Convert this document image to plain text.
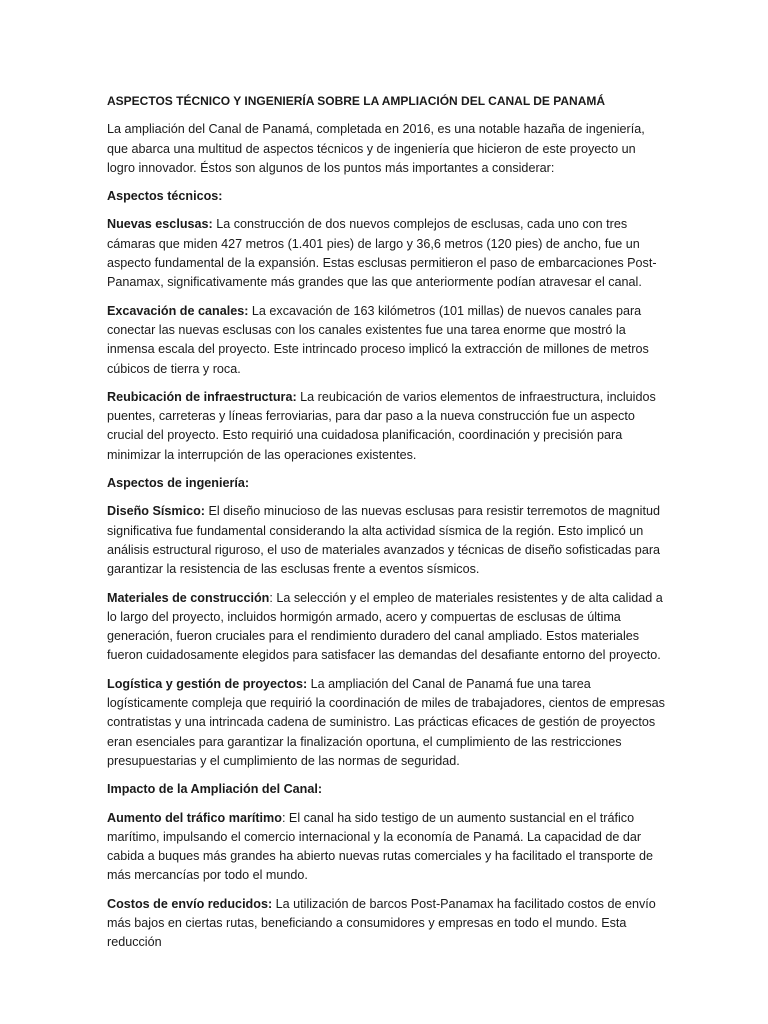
ASPECTOS TÉCNICO Y INGENIERÍA SOBRE LA AMPLIACIÓN DEL CANAL DE PANAMÁ

La ampliación del Canal de Panamá, completada en 2016, es una notable hazaña de ingeniería, que abarca una multitud de aspectos técnicos y de ingeniería que hicieron de este proyecto un logro innovador. Éstos son algunos de los puntos más importantes a considerar:

Aspectos técnicos:

Nuevas esclusas: La construcción de dos nuevos complejos de esclusas, cada uno con tres cámaras que miden 427 metros (1.401 pies) de largo y 36,6 metros (120 pies) de ancho, fue un aspecto fundamental de la expansión. Estas esclusas permitieron el paso de embarcaciones Post-Panamax, significativamente más grandes que las que anteriormente podían atravesar el canal.

Excavación de canales: La excavación de 163 kilómetros (101 millas) de nuevos canales para conectar las nuevas esclusas con los canales existentes fue una tarea enorme que mostró la inmensa escala del proyecto. Este intrincado proceso implicó la extracción de millones de metros cúbicos de tierra y roca.

Reubicación de infraestructura: La reubicación de varios elementos de infraestructura, incluidos puentes, carreteras y líneas ferroviarias, para dar paso a la nueva construcción fue un aspecto crucial del proyecto. Esto requirió una cuidadosa planificación, coordinación y precisión para minimizar la interrupción de las operaciones existentes.

Aspectos de ingeniería:

Diseño Sísmico: El diseño minucioso de las nuevas esclusas para resistir terremotos de magnitud significativa fue fundamental considerando la alta actividad sísmica de la región. Esto implicó un análisis estructural riguroso, el uso de materiales avanzados y técnicas de diseño sofisticadas para garantizar la resistencia de las esclusas frente a eventos sísmicos.

Materiales de construcción: La selección y el empleo de materiales resistentes y de alta calidad a lo largo del proyecto, incluidos hormigón armado, acero y compuertas de esclusas de última generación, fueron cruciales para el rendimiento duradero del canal ampliado. Estos materiales fueron cuidadosamente elegidos para satisfacer las demandas del desafiante entorno del proyecto.

Logística y gestión de proyectos: La ampliación del Canal de Panamá fue una tarea logísticamente compleja que requirió la coordinación de miles de trabajadores, cientos de empresas contratistas y una intrincada cadena de suministro. Las prácticas eficaces de gestión de proyectos eran esenciales para garantizar la finalización oportuna, el cumplimiento de las restricciones presupuestarias y el cumplimiento de las normas de seguridad.

Impacto de la Ampliación del Canal:

Aumento del tráfico marítimo: El canal ha sido testigo de un aumento sustancial en el tráfico marítimo, impulsando el comercio internacional y la economía de Panamá. La capacidad de dar cabida a buques más grandes ha abierto nuevas rutas comerciales y ha facilitado el transporte de más mercancías por todo el mundo.

Costos de envío reducidos: La utilización de barcos Post-Panamax ha facilitado costos de envío más bajos en ciertas rutas, beneficiando a consumidores y empresas en todo el mundo. Esta reducción
